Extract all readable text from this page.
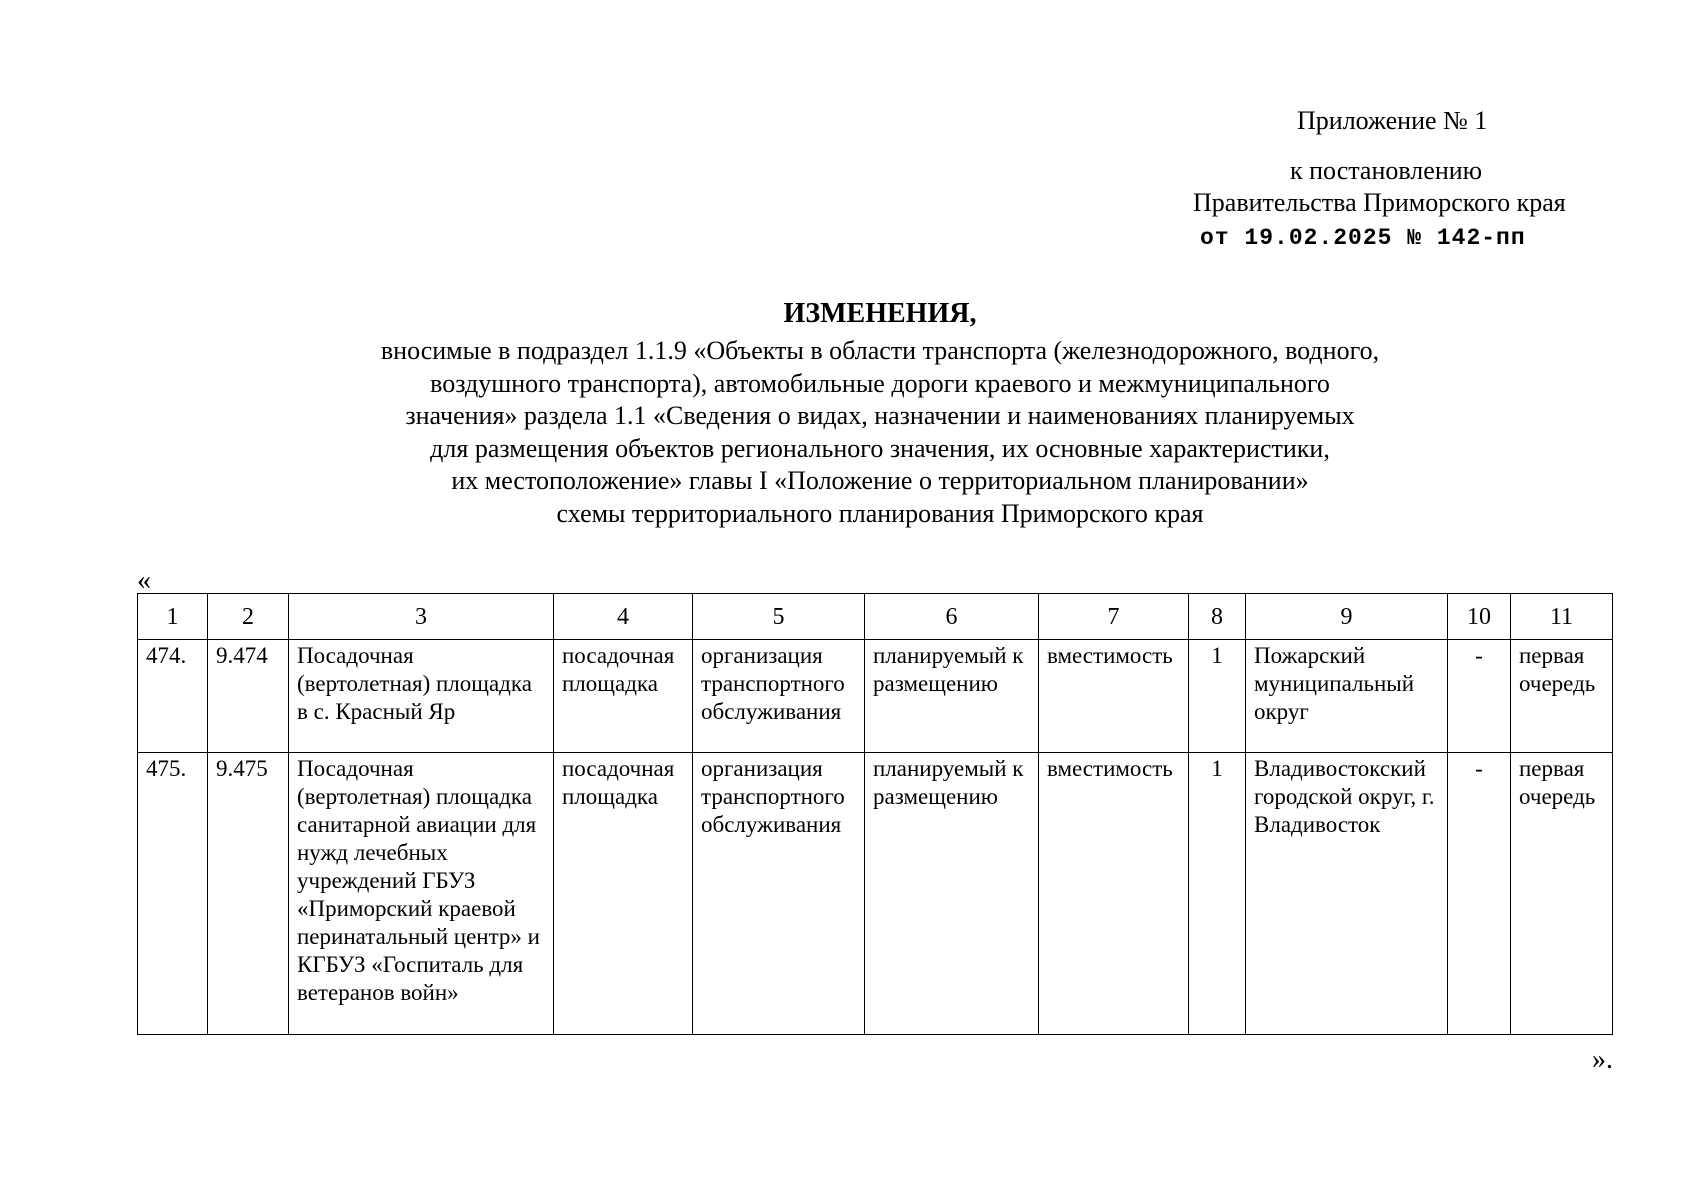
Приложение № 1
к постановлению
Правительства Приморского края
от 19.02.2025 № 142-пп
ИЗМЕНЕНИЯ,
вносимые в подраздел 1.1.9 «Объекты в области транспорта (железнодорожного, водного,
воздушного транспорта), автомобильные дороги краевого и межмуниципального
значения» раздела 1.1 «Сведения о видах, назначении и наименованиях планируемых
для размещения объектов регионального значения, их основные характеристики,
их местоположение» главы I «Положение о территориальном планировании»
схемы территориального планирования Приморского края
«
1	2	3	4	5	6	7	8	9	10	11
474.	9.474	Посадочная (вертолетная) площадка в с. Красный Яр	посадочная площадка	организация транспортного обслуживания	планируемый к размещению	вместимость	1	Пожарский муниципальный округ	-	первая очередь
475.	9.475	Посадочная (вертолетная) площадка санитарной авиации для нужд лечебных учреждений ГБУЗ «Приморский краевой перинатальный центр» и КГБУЗ «Госпиталь для ветеранов войн»	посадочная площадка	организация транспортного обслуживания	планируемый к размещению	вместимость	1	Владивостокский городской округ, г. Владивосток	-	первая очередь
».
